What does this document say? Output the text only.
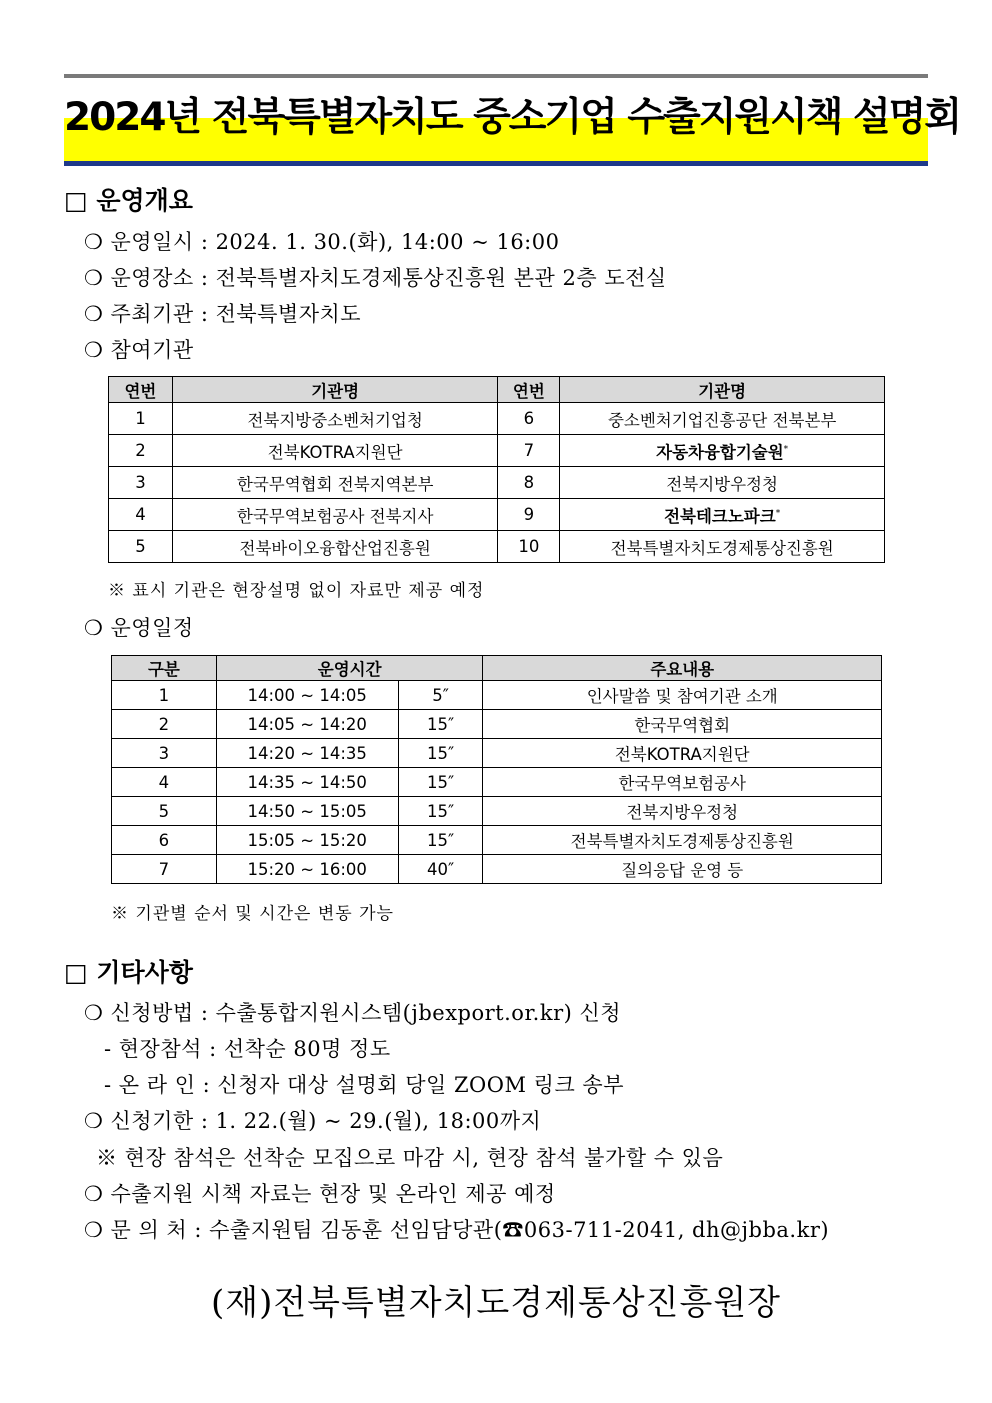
2024년 전북특별자치도 중소기업 수출지원시책 설명회
□ 운영개요
❍ 운영일시 : 2024. 1. 30.(화), 14:00 ~ 16:00
❍ 운영장소 : 전북특별자치도경제통상진흥원 본관 2층 도전실
❍ 주최기관 : 전북특별자치도
❍ 참여기관
연번	기관명	연번	기관명
1	전북지방중소벤처기업청	6	중소벤처기업진흥공단 전북본부
2	전북KOTRA지원단	7	자동차융합기술원*
3	한국무역협회 전북지역본부	8	전북지방우정청
4	한국무역보험공사 전북지사	9	전북테크노파크*
5	전북바이오융합산업진흥원	10	전북특별자치도경제통상진흥원
※ 표시 기관은 현장설명 없이 자료만 제공 예정
❍ 운영일정
구분	운영시간		주요내용
1	14:00 ~ 14:05	5″	인사말씀 및 참여기관 소개
2	14:05 ~ 14:20	15″	한국무역협회
3	14:20 ~ 14:35	15″	전북KOTRA지원단
4	14:35 ~ 14:50	15″	한국무역보험공사
5	14:50 ~ 15:05	15″	전북지방우정청
6	15:05 ~ 15:20	15″	전북특별자치도경제통상진흥원
7	15:20 ~ 16:00	40″	질의응답 운영 등
※ 기관별 순서 및 시간은 변동 가능
□ 기타사항
❍ 신청방법 : 수출통합지원시스템(jbexport.or.kr) 신청
- 현장참석 : 선착순 80명 정도
- 온 라 인 : 신청자 대상 설명회 당일 ZOOM 링크 송부
❍ 신청기한 : 1. 22.(월) ~ 29.(월), 18:00까지
※ 현장 참석은 선착순 모집으로 마감 시, 현장 참석 불가할 수 있음
❍ 수출지원 시책 자료는 현장 및 온라인 제공 예정
❍ 문 의 처 : 수출지원팀 김동훈 선임담당관(☎063-711-2041, dh@jbba.kr)
(재)전북특별자치도경제통상진흥원장
